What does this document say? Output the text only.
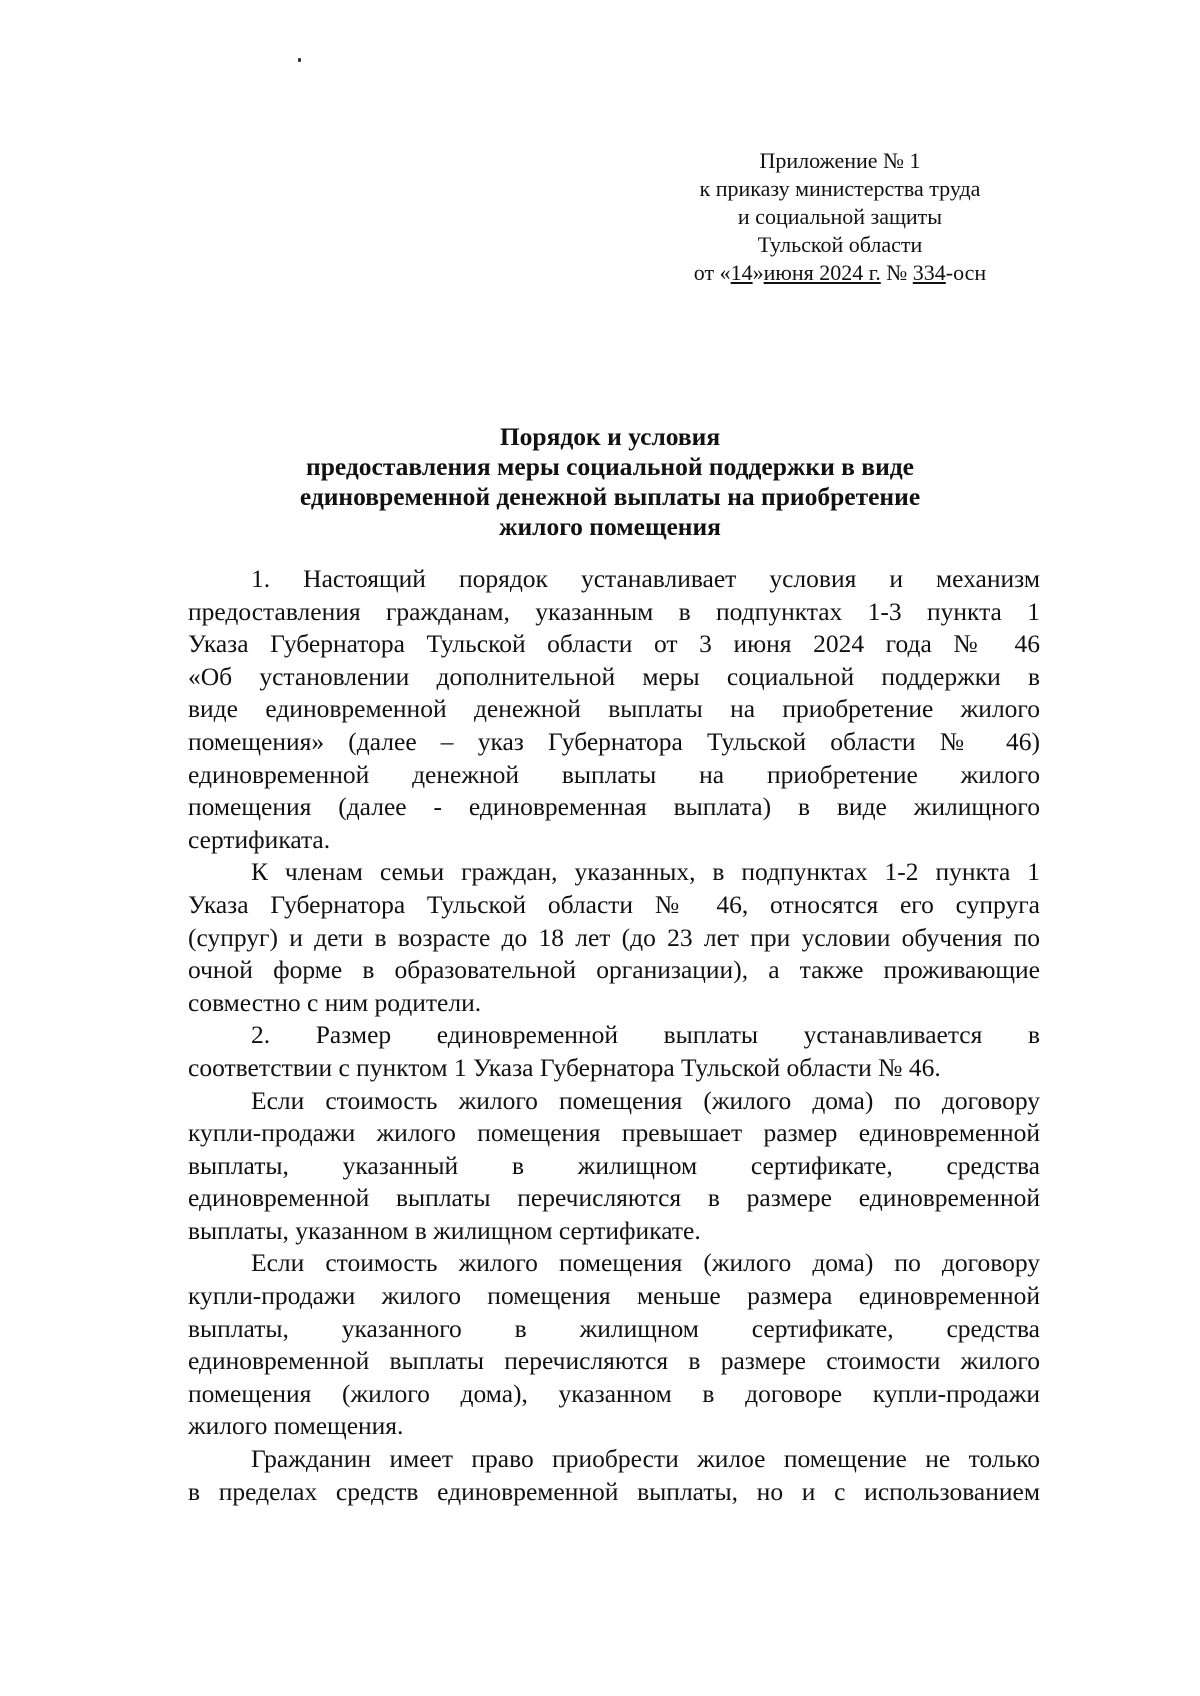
Приложение № 1
к приказу министерства труда
и социальной защиты
Тульской области
от «14»июня 2024 г. № 334-осн
Порядок и условия
предоставления меры социальной поддержки в виде
единовременной денежной выплаты на приобретение
жилого помещения
1. Настоящий порядок устанавливает условия и механизм
предоставления гражданам, указанным в подпунктах 1-3 пункта 1
Указа Губернатора Тульской области от 3 июня 2024 года № 46
«Об установлении дополнительной меры социальной поддержки в
виде единовременной денежной выплаты на приобретение жилого
помещения» (далее – указ Губернатора Тульской области № 46)
единовременной денежной выплаты на приобретение жилого
помещения (далее - единовременная выплата) в виде жилищного
сертификата.
К членам семьи граждан, указанных, в подпунктах 1-2 пункта 1
Указа Губернатора Тульской области № 46, относятся его супруга
(супруг) и дети в возрасте до 18 лет (до 23 лет при условии обучения по
очной форме в образовательной организации), а также проживающие
совместно с ним родители.
2. Размер единовременной выплаты устанавливается в
соответствии с пунктом 1 Указа Губернатора Тульской области № 46.
Если стоимость жилого помещения (жилого дома) по договору
купли-продажи жилого помещения превышает размер единовременной
выплаты, указанный в жилищном сертификате, средства
единовременной выплаты перечисляются в размере единовременной
выплаты, указанном в жилищном сертификате.
Если стоимость жилого помещения (жилого дома) по договору
купли-продажи жилого помещения меньше размера единовременной
выплаты, указанного в жилищном сертификате, средства
единовременной выплаты перечисляются в размере стоимости жилого
помещения (жилого дома), указанном в договоре купли-продажи
жилого помещения.
Гражданин имеет право приобрести жилое помещение не только
в пределах средств единовременной выплаты, но и с использованием
